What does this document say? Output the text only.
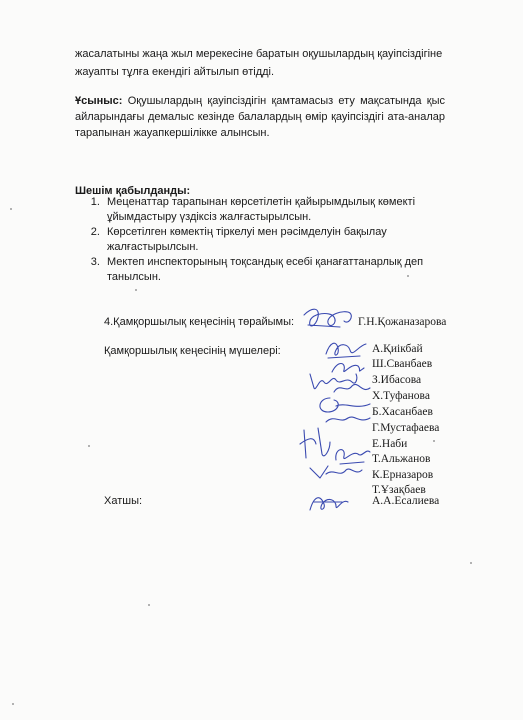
жасалатыны жаңа жыл мерекесіне баратын оқушылардың қауіпсіздігіне

жауапты тұлға екендігі айтылып өтідді.

Ұсыныс: Оқушылардың қауіпсіздігін қамтамасыз ету мақсатында қыс айларындағы демалыс кезінде балалардың өмір қауіпсіздігі ата-аналар тарапынан жауапкершілікке алынсын.

Шешім қабылданды:

1. Меценаттар тарапынан көрсетілетін қайырымдылық көмекті ұйымдастыру үздіксіз жалғастырылсын.
2. Көрсетілген көмектің тіркелуі мен рәсімделуін бақылау жалғастырылсын.
3. Мектеп инспекторының тоқсандық есебі қанағаттанарлық деп танылсын.

4.Қамқоршылық кеңесінің төрайымы:	Г.Н.Қожаназарова

Қамқоршылық кеңесінің мүшелері:	А.Қиікбай
Ш.Сванбаев
З.Ибасова
Х.Туфанова
Б.Хасанбаев
Г.Мустафаева
Е.Наби
Т.Альжанов
К.Ерназаров
Т.Ұзақбаев

Хатшы:	А.А.Есалиева
